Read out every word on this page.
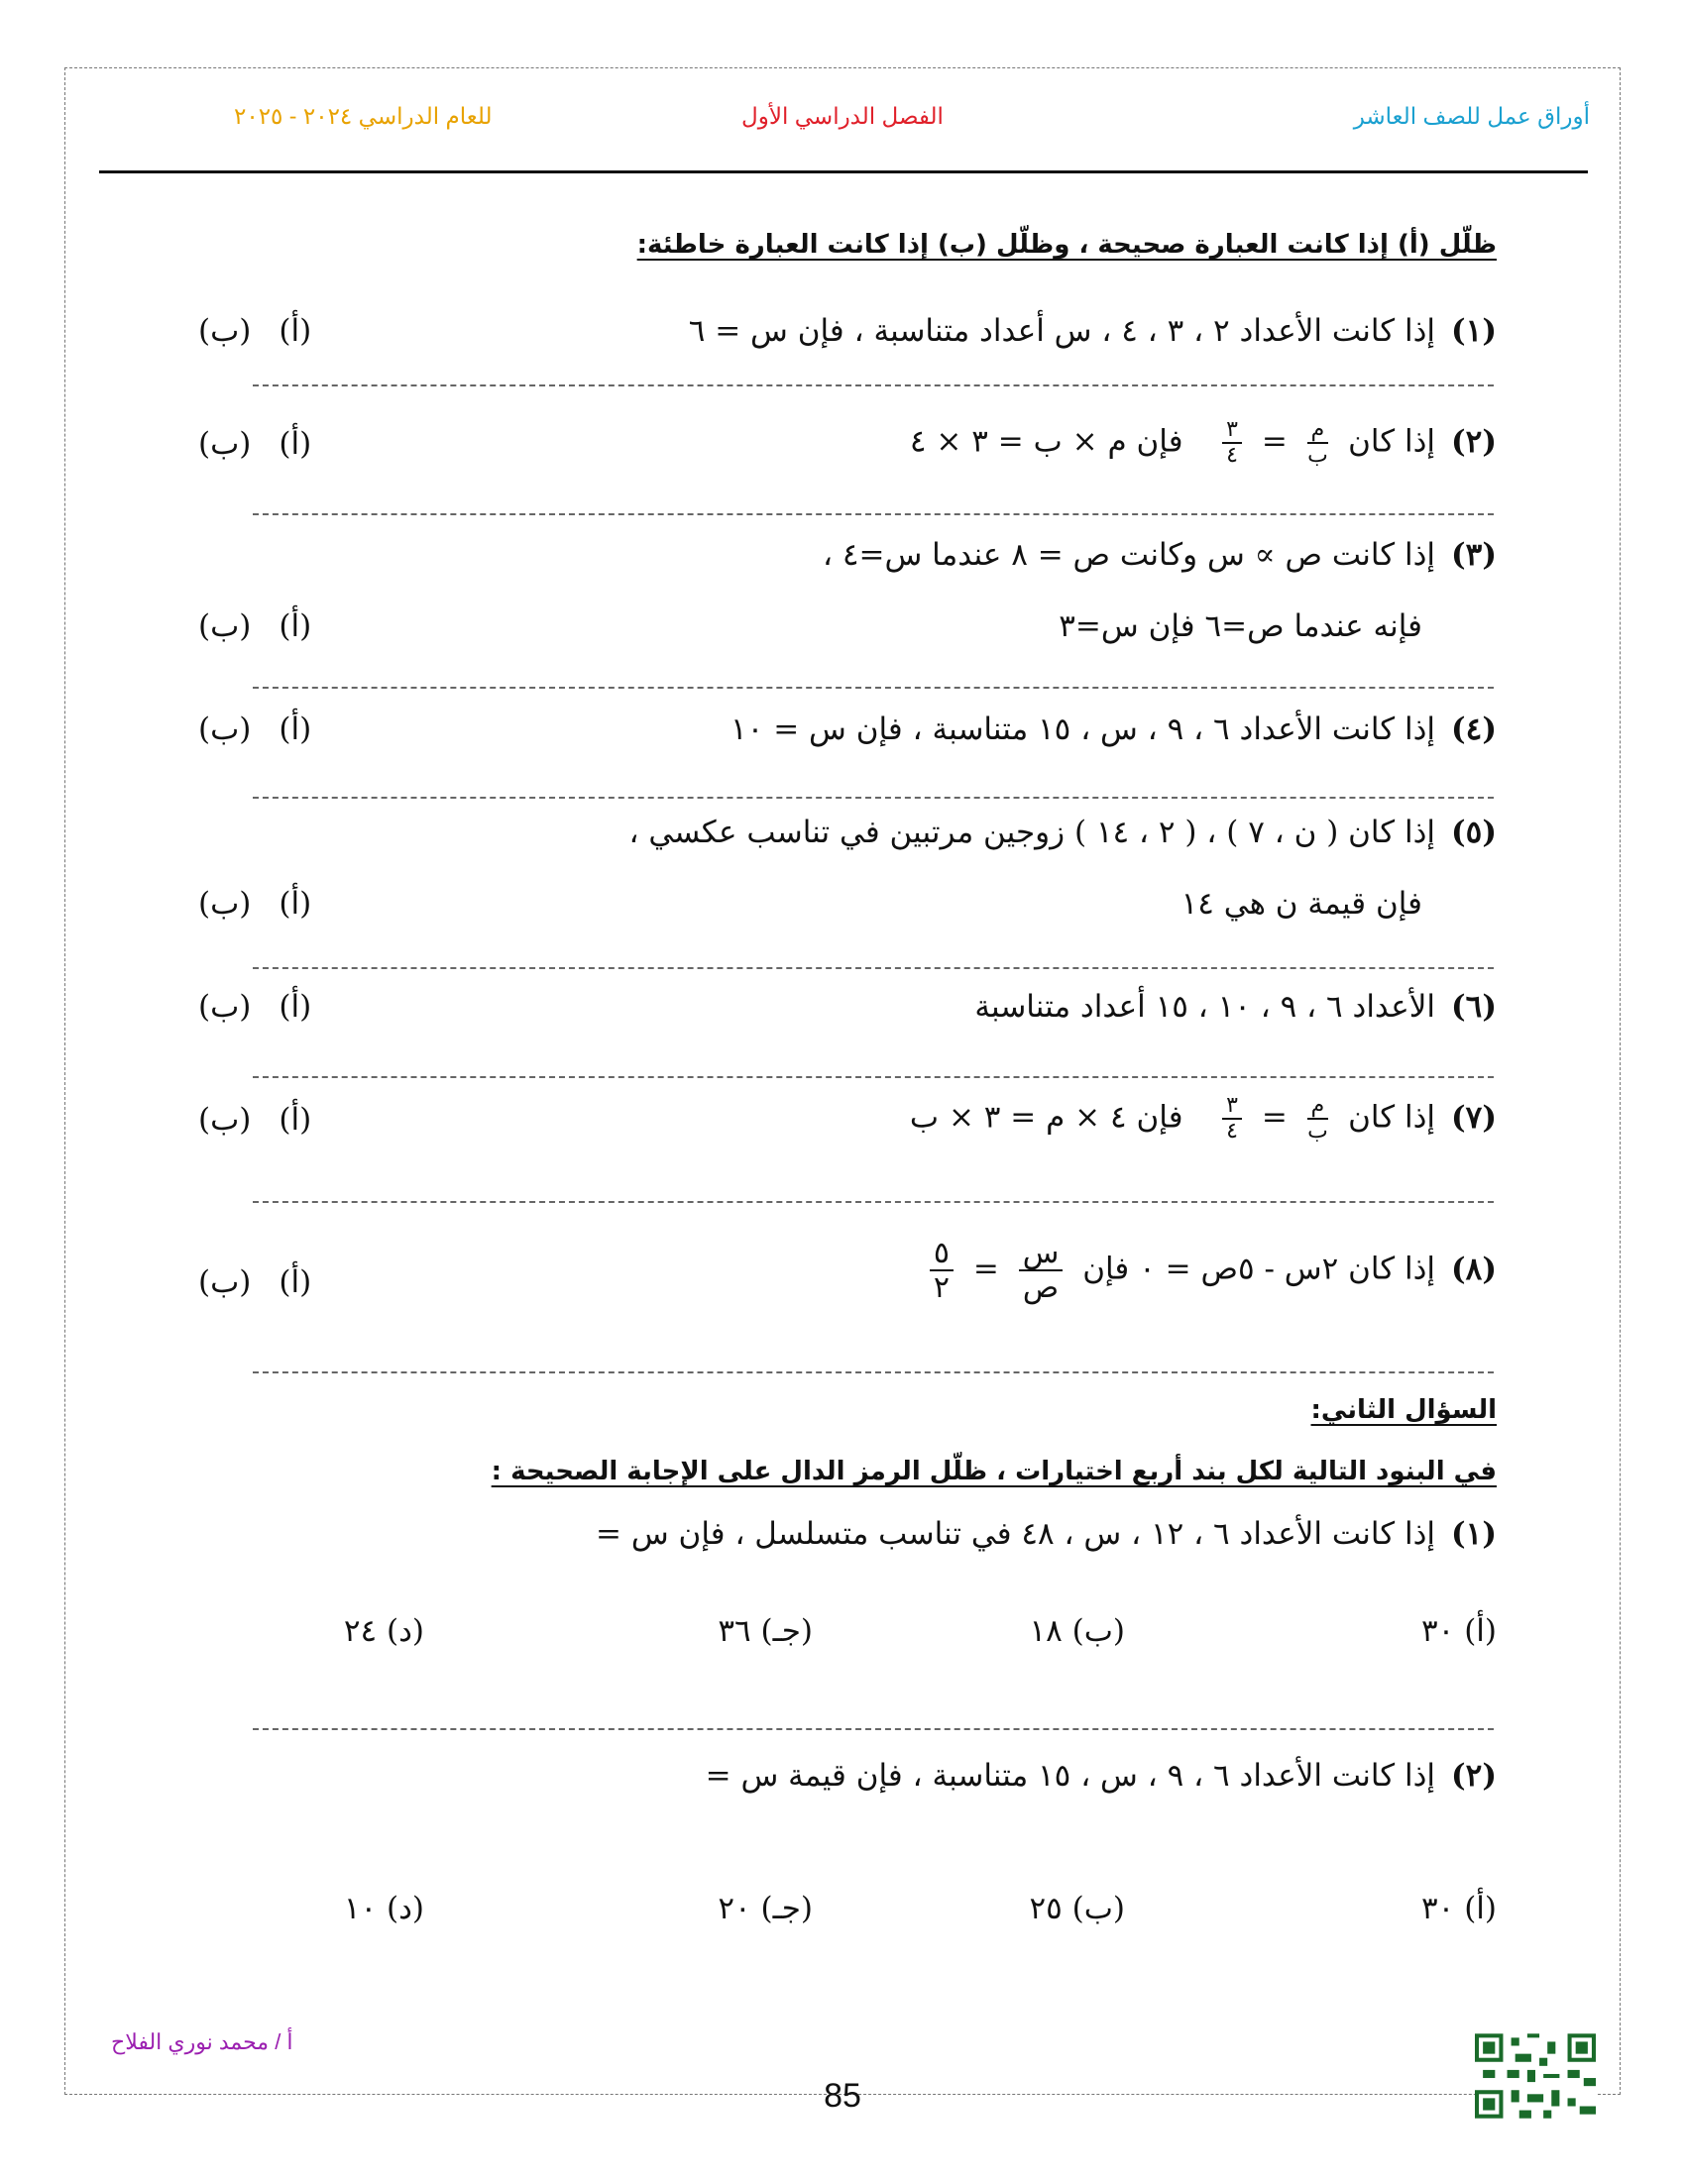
أوراق عمل للصف العاشر
الفصل الدراسي الأول
للعام الدراسي ٢٠٢٤ - ٢٠٢٥
ظلّل (أ) إذا كانت العبارة صحيحة ، وظلّل (ب) إذا كانت العبارة خاطئة:
(١)إذا كانت الأعداد ٢ ، ٣ ، ٤ ، س أعداد متناسبة ، فإن س = ٦
(ب) (أ)
(٢)إذا كان
$\frac{\text{م}}{\text{ب}}$
=
$\frac{٣}{٤}$
فإن م × ب = ٣ × ٤
(ب) (أ)
(٣)إذا كانت ص ∝ س وكانت ص = ٨ عندما س=٤ ،
فإنه عندما ص=٦ فإن س=٣
(ب) (أ)
(٤)إذا كانت الأعداد ٦ ، ٩ ، س ، ١٥ متناسبة ، فإن س = ١٠
(ب) (أ)
(٥)إذا كان ( ن ، ٧ ) ، ( ٢ ، ١٤ ) زوجين مرتبين في تناسب عكسي ،
فإن قيمة ن هي ١٤
(ب) (أ)
(٦)الأعداد ٦ ، ٩ ، ١٠ ، ١٥ أعداد متناسبة
(ب) (أ)
(٧)إذا كان
$\frac{\text{م}}{\text{ب}}$
=
$\frac{٣}{٤}$
فإن ٤ × م = ٣ × ب
(ب) (أ)
(٨)إذا كان ٢س - ٥ص = ٠ فإن
$\frac{\text{س}}{\text{ص}}$
=
$\frac{٥}{٢}$
(ب) (أ)
السؤال الثاني:
في البنود التالية لكل بند أربع اختيارات ، ظلّل الرمز الدال على الإجابة الصحيحة :
(١)إذا كانت الأعداد ٦ ، ١٢ ، س ، ٤٨ في تناسب متسلسل ، فإن س =
(أ) ٣٠
(ب) ١٨
(جـ) ٣٦
(د) ٢٤
(٢)إذا كانت الأعداد ٦ ، ٩ ، س ، ١٥ متناسبة ، فإن قيمة س =
(أ) ٣٠
(ب) ٢٥
(جـ) ٢٠
(د) ١٠
أ / محمد نوري الفلاح
85
